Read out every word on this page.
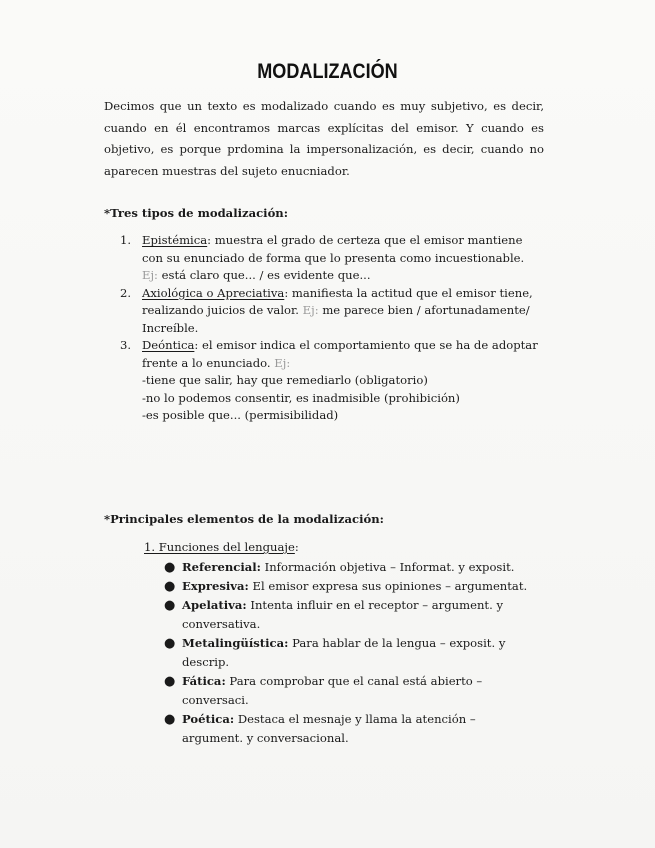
MODALIZACIÓN
Decimos que un texto es modalizado cuando es muy subjetivo, es decir, cuando en él encontramos marcas explícitas del emisor. Y cuando es objetivo, es porque prdomina la impersonalización, es decir, cuando no aparecen muestras del sujeto enucniador.
*Tres tipos de modalización:
1. Epistémica: muestra el grado de certeza que el emisor mantiene con su enunciado de forma que lo presenta como incuestionable. Ej: está claro que... / es evidente que...
2. Axiológica o Apreciativa: manifiesta la actitud que el emisor tiene, realizando juicios de valor. Ej: me parece bien / afortunadamente/ Increíble.
3. Deóntica: el emisor indica el comportamiento que se ha de adoptar frente a lo enunciado. Ej:
-tiene que salir, hay que remediarlo (obligatorio)
-no lo podemos consentir, es inadmisible (prohibición)
-es posible que... (permisibilidad)
*Principales elementos de la modalización:
1. Funciones del lenguaje:
● Referencial: Información objetiva – Informat. y exposit.
● Expresiva: El emisor expresa sus opiniones – argumentat.
● Apelativa: Intenta influir en el receptor – argument. y conversativa.
● Metalingüística: Para hablar de la lengua – exposit. y descrip.
● Fática: Para comprobar que el canal está abierto – conversaci.
● Poética: Destaca el mesnaje y llama la atención – argument. y conversacional.
